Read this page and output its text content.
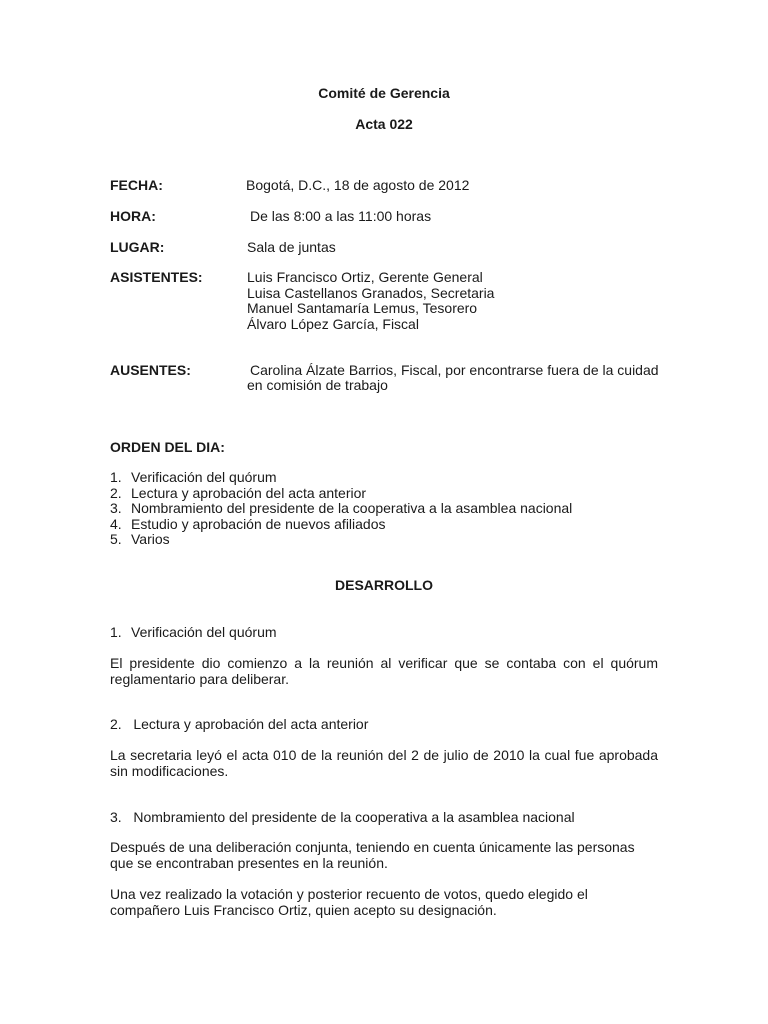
Comité de Gerencia
Acta 022
FECHA:	Bogotá, D.C., 18 de agosto de 2012
HORA:	De las 8:00 a las 11:00 horas
LUGAR:	Sala de juntas
ASISTENTES:	Luis Francisco Ortiz, Gerente General
Luisa Castellanos Granados, Secretaria
Manuel Santamaría Lemus, Tesorero
Álvaro López García, Fiscal
AUSENTES:	Carolina Álzate Barrios, Fiscal, por encontrarse fuera de la cuidad
en comisión de trabajo
ORDEN DEL DIA:
1. Verificación del quórum
2. Lectura y aprobación del acta anterior
3. Nombramiento del presidente de la cooperativa a la asamblea nacional
4. Estudio y aprobación de nuevos afiliados
5. Varios
DESARROLLO
1. Verificación del quórum
El presidente dio comienzo a la reunión al verificar que se contaba con el quórum reglamentario para deliberar.
2.   Lectura y aprobación del acta anterior
La secretaria leyó el acta 010 de la reunión del 2 de julio de 2010 la cual fue aprobada sin modificaciones.
3.   Nombramiento del presidente de la cooperativa a la asamblea nacional
Después de una deliberación conjunta, teniendo en cuenta únicamente las personas que se encontraban presentes en la reunión.
Una vez realizado la votación y posterior recuento de votos, quedo elegido el compañero Luis Francisco Ortiz, quien acepto su designación.
